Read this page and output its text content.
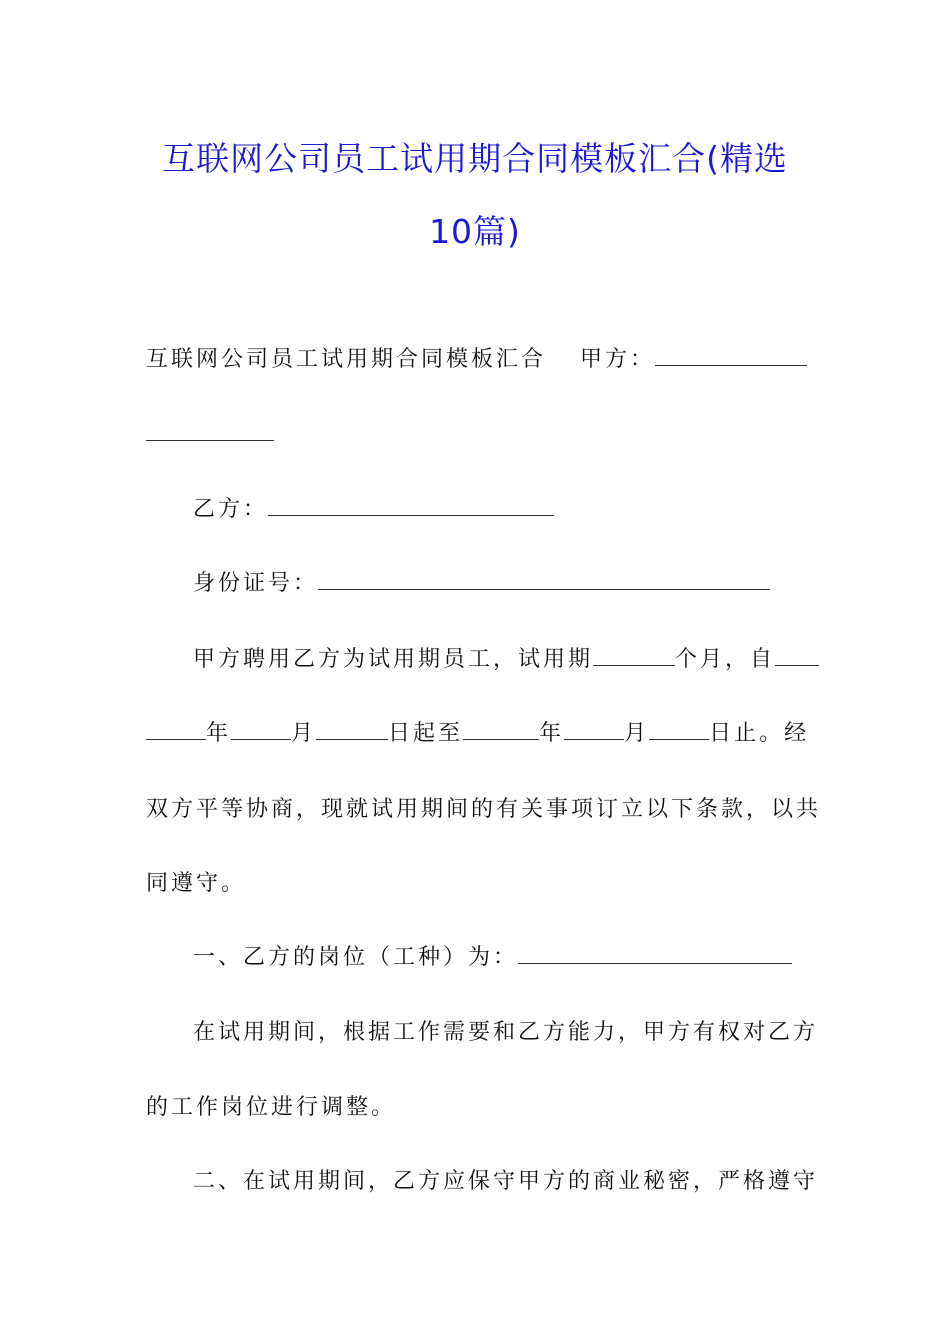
互联网公司员工试用期合同模板汇合(精选
10篇)
互联网公司员工试用期合同模板汇合 甲方：
乙方：
身份证号：
甲方聘用乙方为试用期员工，试用期	个月，自
年	月	日起至	年	月	日止。经
双方平等协商，现就试用期间的有关事项订立以下条款，以共
同遵守。
一、乙方的岗位（工种）为：
在试用期间，根据工作需要和乙方能力，甲方有权对乙方
的工作岗位进行调整。
二、在试用期间，乙方应保守甲方的商业秘密，严格遵守
